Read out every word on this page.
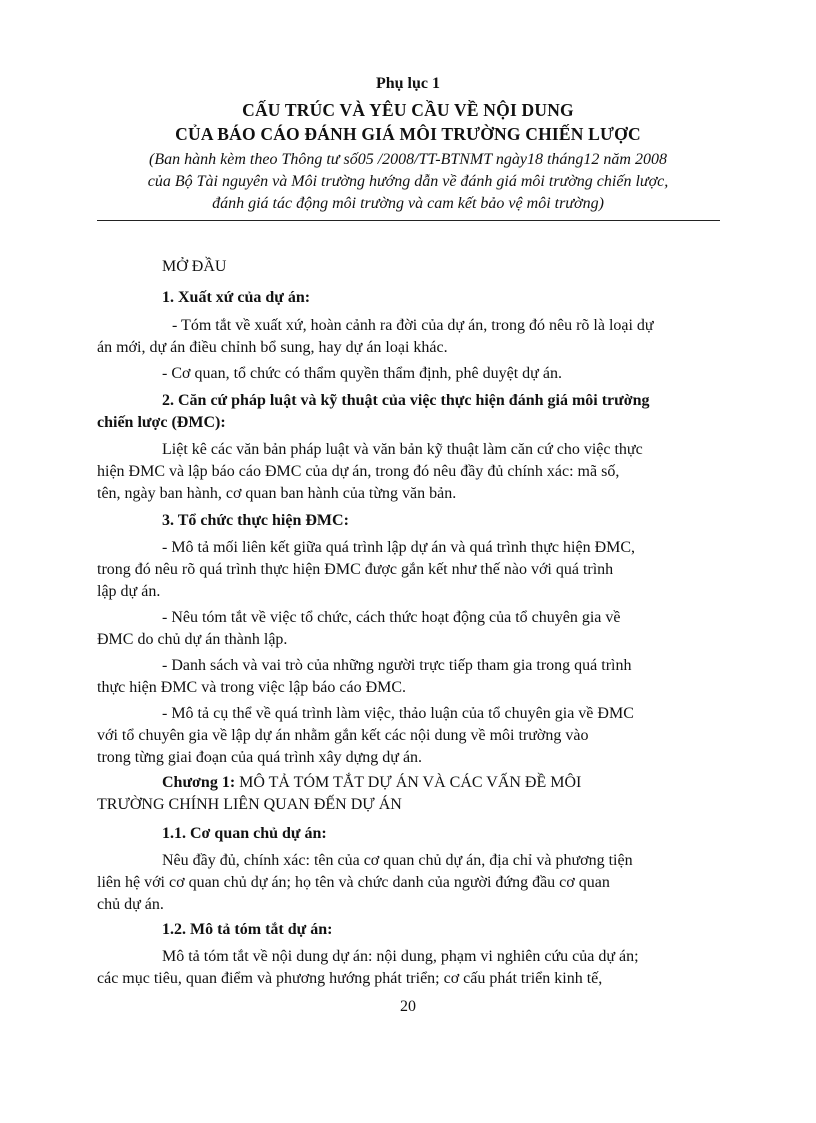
Phụ lục 1
CẤU TRÚC VÀ YÊU CẦU VỀ NỘI DUNG
CỦA BÁO CÁO ĐÁNH GIÁ MÔI TRƯỜNG CHIẾN LƯỢC
(Ban hành kèm theo Thông tư số05 /2008/TT-BTNMT ngày18 tháng12 năm 2008
của Bộ Tài nguyên và Môi trường hướng dẫn về đánh giá môi trường chiến lược,
đánh giá tác động môi trường và cam kết bảo vệ môi trường)
MỞ ĐẦU
1. Xuất xứ của dự án:
- Tóm tắt về xuất xứ, hoàn cảnh ra đời của dự án, trong đó nêu rõ là loại dự
án mới, dự án điều chỉnh bổ sung, hay dự án loại khác.
- Cơ quan, tổ chức có thẩm quyền thẩm định, phê duyệt dự án.
2. Căn cứ pháp luật và kỹ thuật của việc thực hiện đánh giá môi trường
chiến lược (ĐMC):
Liệt kê các văn bản pháp luật và văn bản kỹ thuật làm căn cứ cho việc thực
hiện ĐMC và lập báo cáo ĐMC của dự án, trong đó nêu đầy đủ chính xác: mã số,
tên, ngày ban hành, cơ quan ban hành của từng văn bản.
3. Tổ chức thực hiện ĐMC:
- Mô tả mối liên kết giữa quá trình lập dự án và quá trình thực hiện ĐMC,
trong đó nêu rõ quá trình thực hiện ĐMC được gắn kết như thế nào với quá trình
lập dự án.
- Nêu tóm tắt về việc tổ chức, cách thức hoạt động của tổ chuyên gia về
ĐMC do chủ dự án thành lập.
- Danh sách và vai trò của những người trực tiếp tham gia trong quá trình
thực hiện ĐMC và trong việc lập báo cáo ĐMC.
- Mô tả cụ thể về quá trình làm việc, thảo luận của tổ chuyên gia về ĐMC
với tổ chuyên gia về lập dự án nhằm gắn kết các nội dung về môi trường vào
trong từng giai đoạn của quá trình xây dựng dự án.
Chương 1: MÔ TẢ TÓM TẮT DỰ ÁN VÀ CÁC VẤN ĐỀ MÔI
TRƯỜNG CHÍNH LIÊN QUAN ĐẾN DỰ ÁN
1.1. Cơ quan chủ dự án:
Nêu đầy đủ, chính xác: tên của cơ quan chủ dự án, địa chỉ và phương tiện
liên hệ với cơ quan chủ dự án; họ tên và chức danh của người đứng đầu cơ quan
chủ dự án.
1.2. Mô tả tóm tắt dự án:
Mô tả tóm tắt về nội dung dự án: nội dung, phạm vi nghiên cứu của dự án;
các mục tiêu, quan điểm và phương hướng phát triển; cơ cấu phát triển kinh tế,
20
